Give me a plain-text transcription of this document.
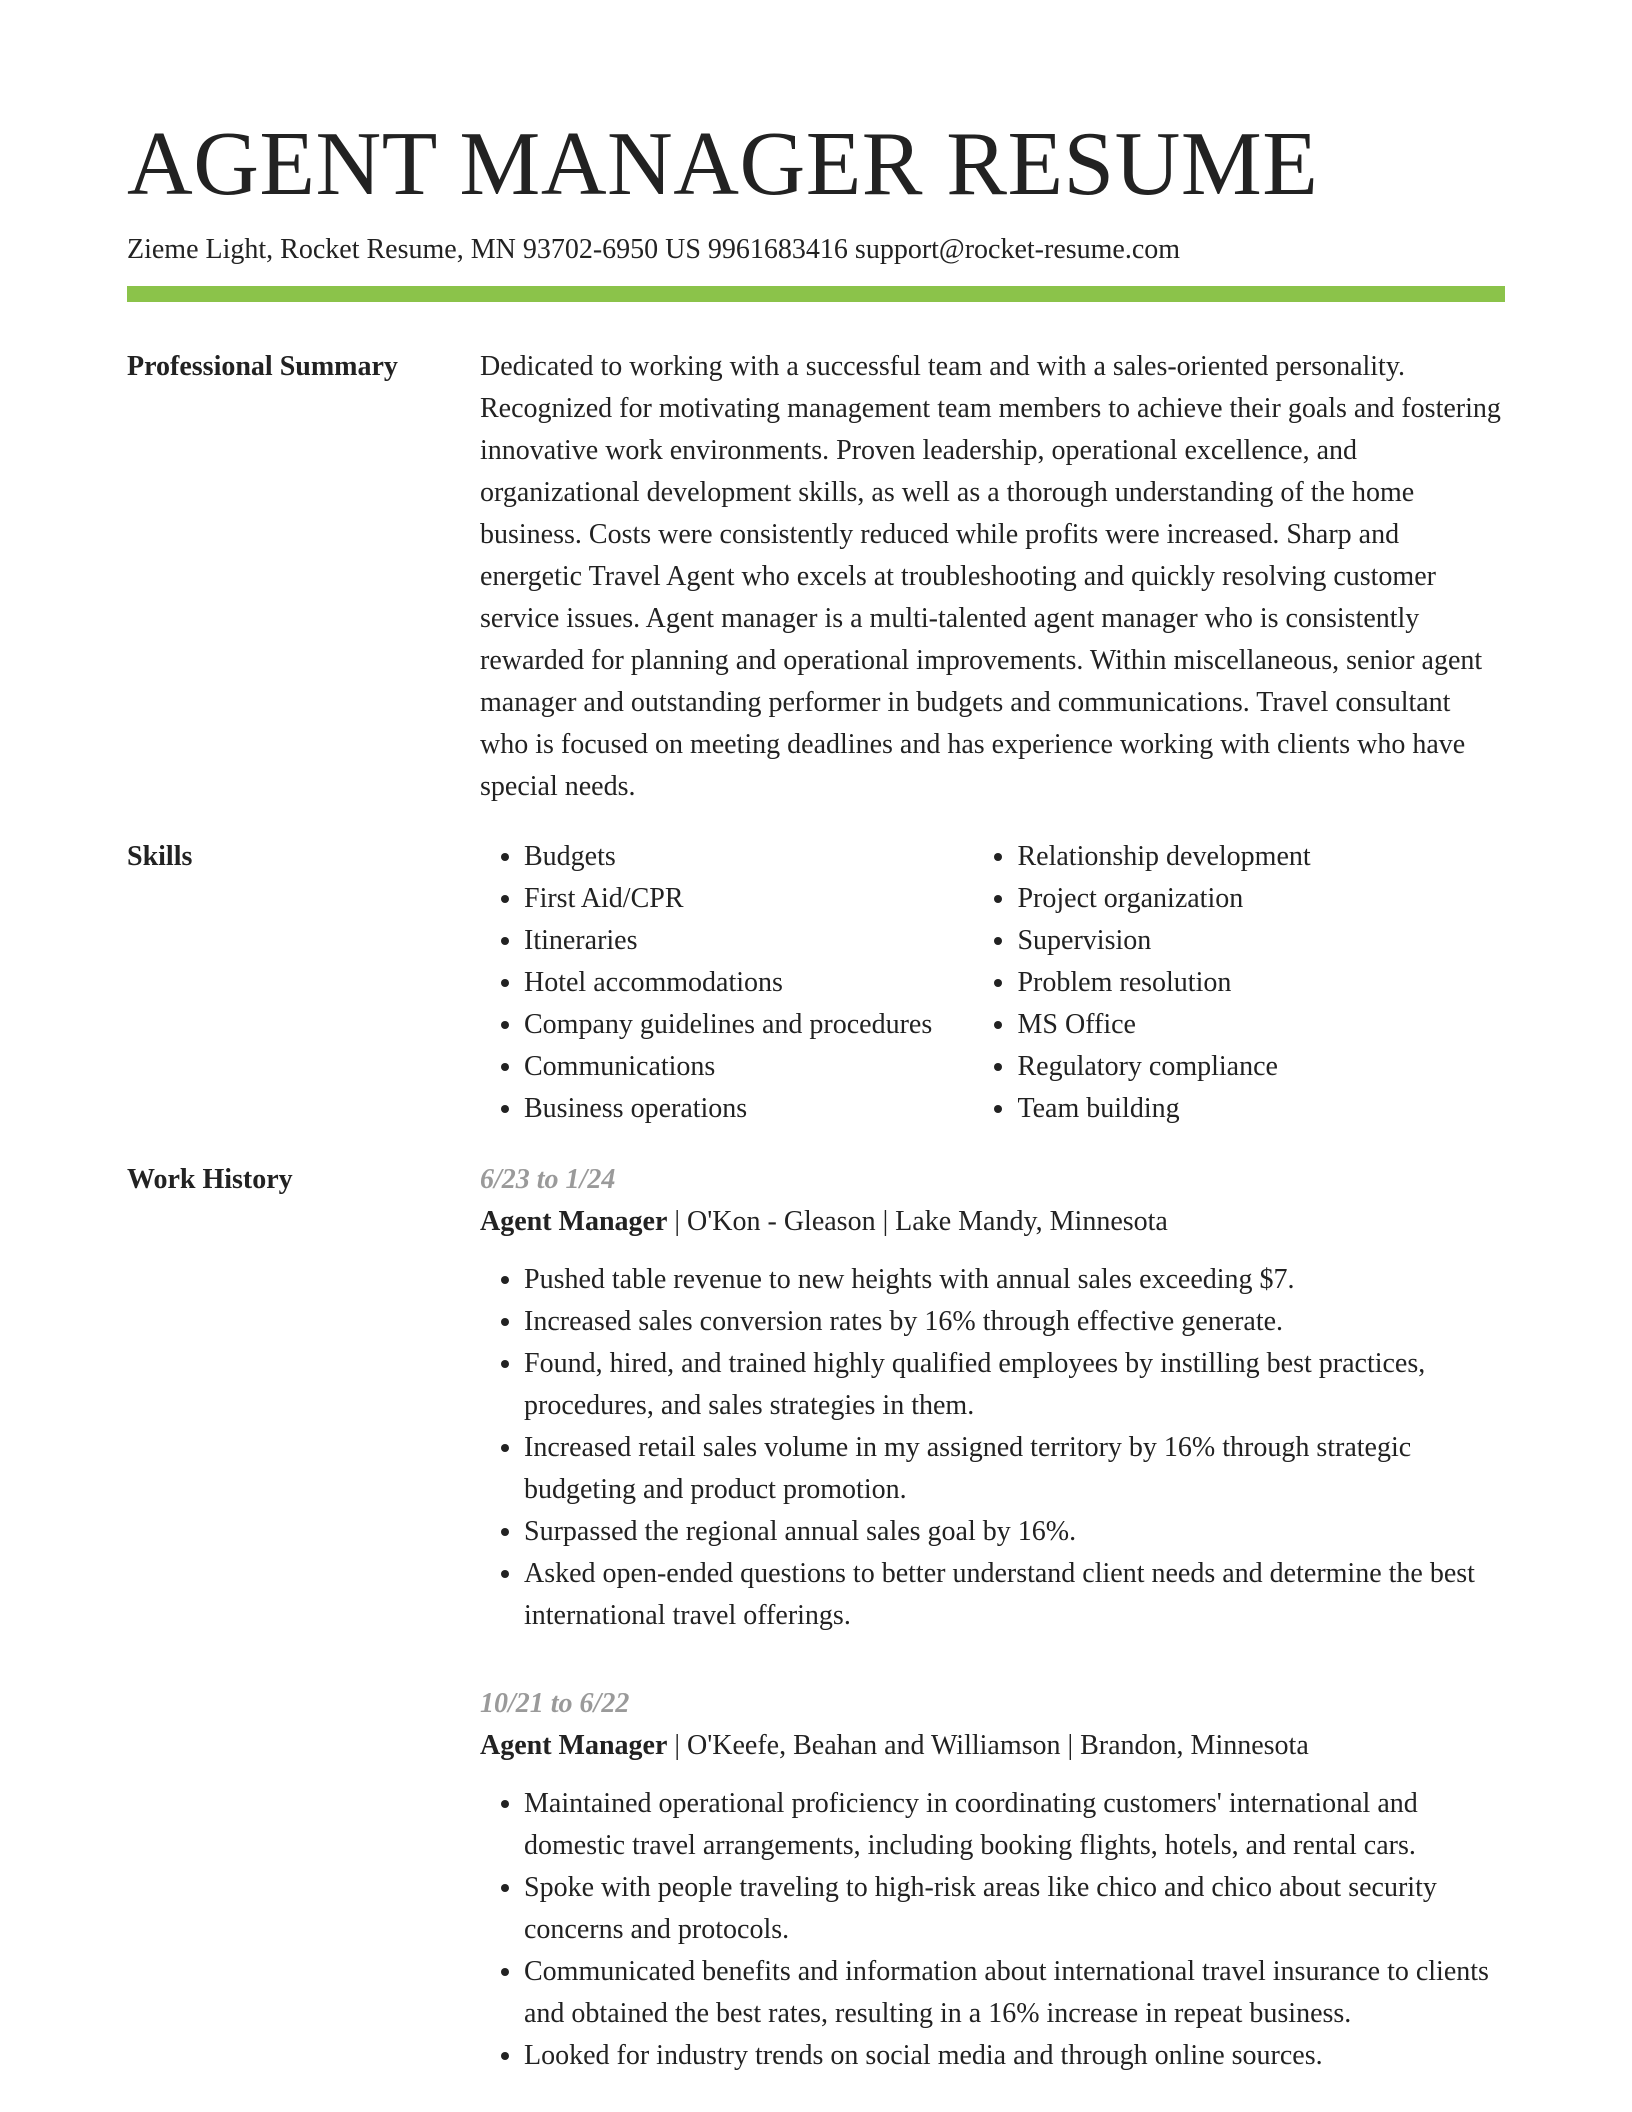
AGENT MANAGER RESUME
Zieme Light, Rocket Resume, MN 93702-6950 US 9961683416 support@rocket-resume.com
Professional Summary	Dedicated to working with a successful team and with a sales-oriented personality. Recognized for motivating management team members to achieve their goals and fostering innovative work environments. Proven leadership, operational excellence, and organizational development skills, as well as a thorough understanding of the home business. Costs were consistently reduced while profits were increased. Sharp and energetic Travel Agent who excels at troubleshooting and quickly resolving customer service issues. Agent manager is a multi-talented agent manager who is consistently rewarded for planning and operational improvements. Within miscellaneous, senior agent manager and outstanding performer in budgets and communications. Travel consultant who is focused on meeting deadlines and has experience working with clients who have special needs.

Skills
•	Budgets
• First Aid/CPR
• Itineraries
• Hotel accommodations
• Company guidelines and procedures
• Communications
• Business operations
• Relationship development
• Project organization
• Supervision
• Problem resolution
• MS Office
• Regulatory compliance
• Team building
Work History	6/23 to 1/24
Agent Manager | O'Kon - Gleason | Lake Mandy, Minnesota
• Pushed table revenue to new heights with annual sales exceeding $7.
• Increased sales conversion rates by 16% through effective generate.
• Found, hired, and trained highly qualified employees by instilling best practices, procedures, and sales strategies in them.
• Increased retail sales volume in my assigned territory by 16% through strategic budgeting and product promotion.
• Surpassed the regional annual sales goal by 16%.
• Asked open-ended questions to better understand client needs and determine the best international travel offerings.
10/21 to 6/22
Agent Manager | O'Keefe, Beahan and Williamson | Brandon, Minnesota
• Maintained operational proficiency in coordinating customers' international and domestic travel arrangements, including booking flights, hotels, and rental cars.
• Spoke with people traveling to high-risk areas like chico and chico about security concerns and protocols.
• Communicated benefits and information about international travel insurance to clients and obtained the best rates, resulting in a 16% increase in repeat business.
• Looked for industry trends on social media and through online sources.
